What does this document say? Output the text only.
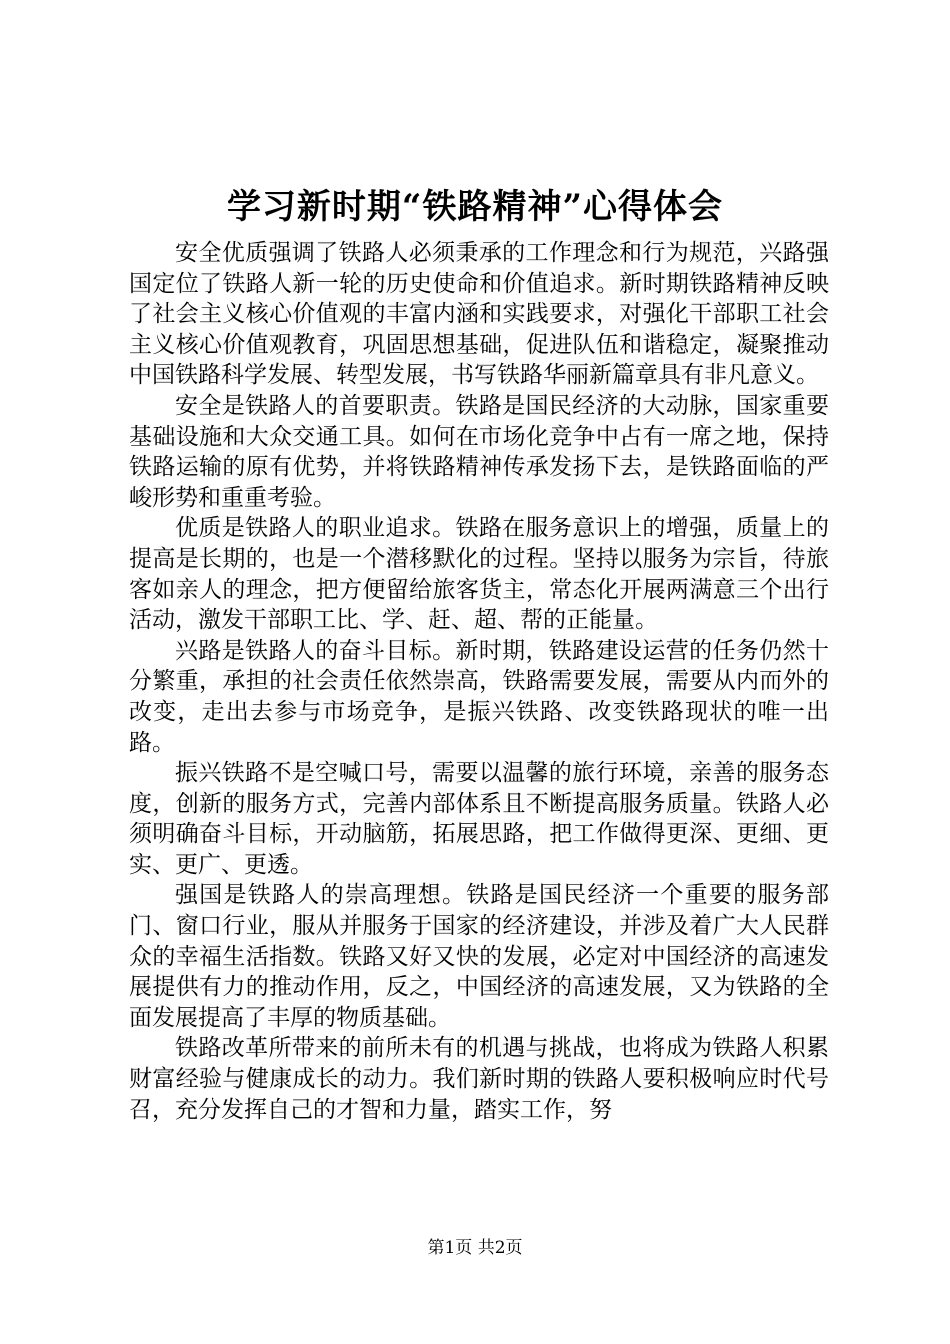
学习新时期“铁路精神”心得体会

安全优质强调了铁路人必须秉承的工作理念和行为规范，兴路强国定位了铁路人新一轮的历史使命和价值追求。新时期铁路精神反映了社会主义核心价值观的丰富内涵和实践要求，对强化干部职工社会主义核心价值观教育，巩固思想基础，促进队伍和谐稳定，凝聚推动中国铁路科学发展、转型发展，书写铁路华丽新篇章具有非凡意义。

安全是铁路人的首要职责。铁路是国民经济的大动脉，国家重要基础设施和大众交通工具。如何在市场化竞争中占有一席之地，保持铁路运输的原有优势，并将铁路精神传承发扬下去，是铁路面临的严峻形势和重重考验。

优质是铁路人的职业追求。铁路在服务意识上的增强，质量上的提高是长期的，也是一个潜移默化的过程。坚持以服务为宗旨，待旅客如亲人的理念，把方便留给旅客货主，常态化开展两满意三个出行活动，激发干部职工比、学、赶、超、帮的正能量。

兴路是铁路人的奋斗目标。新时期，铁路建设运营的任务仍然十分繁重，承担的社会责任依然崇高，铁路需要发展，需要从内而外的改变，走出去参与市场竞争，是振兴铁路、改变铁路现状的唯一出路。

振兴铁路不是空喊口号，需要以温馨的旅行环境，亲善的服务态度，创新的服务方式，完善内部体系且不断提高服务质量。铁路人必须明确奋斗目标，开动脑筋，拓展思路，把工作做得更深、更细、更实、更广、更透。

强国是铁路人的崇高理想。铁路是国民经济一个重要的服务部门、窗口行业，服从并服务于国家的经济建设，并涉及着广大人民群众的幸福生活指数。铁路又好又快的发展，必定对中国经济的高速发展提供有力的推动作用，反之，中国经济的高速发展，又为铁路的全面发展提高了丰厚的物质基础。

铁路改革所带来的前所未有的机遇与挑战，也将成为铁路人积累财富经验与健康成长的动力。我们新时期的铁路人要积极响应时代号召，充分发挥自己的才智和力量，踏实工作，努

第1页 共2页
